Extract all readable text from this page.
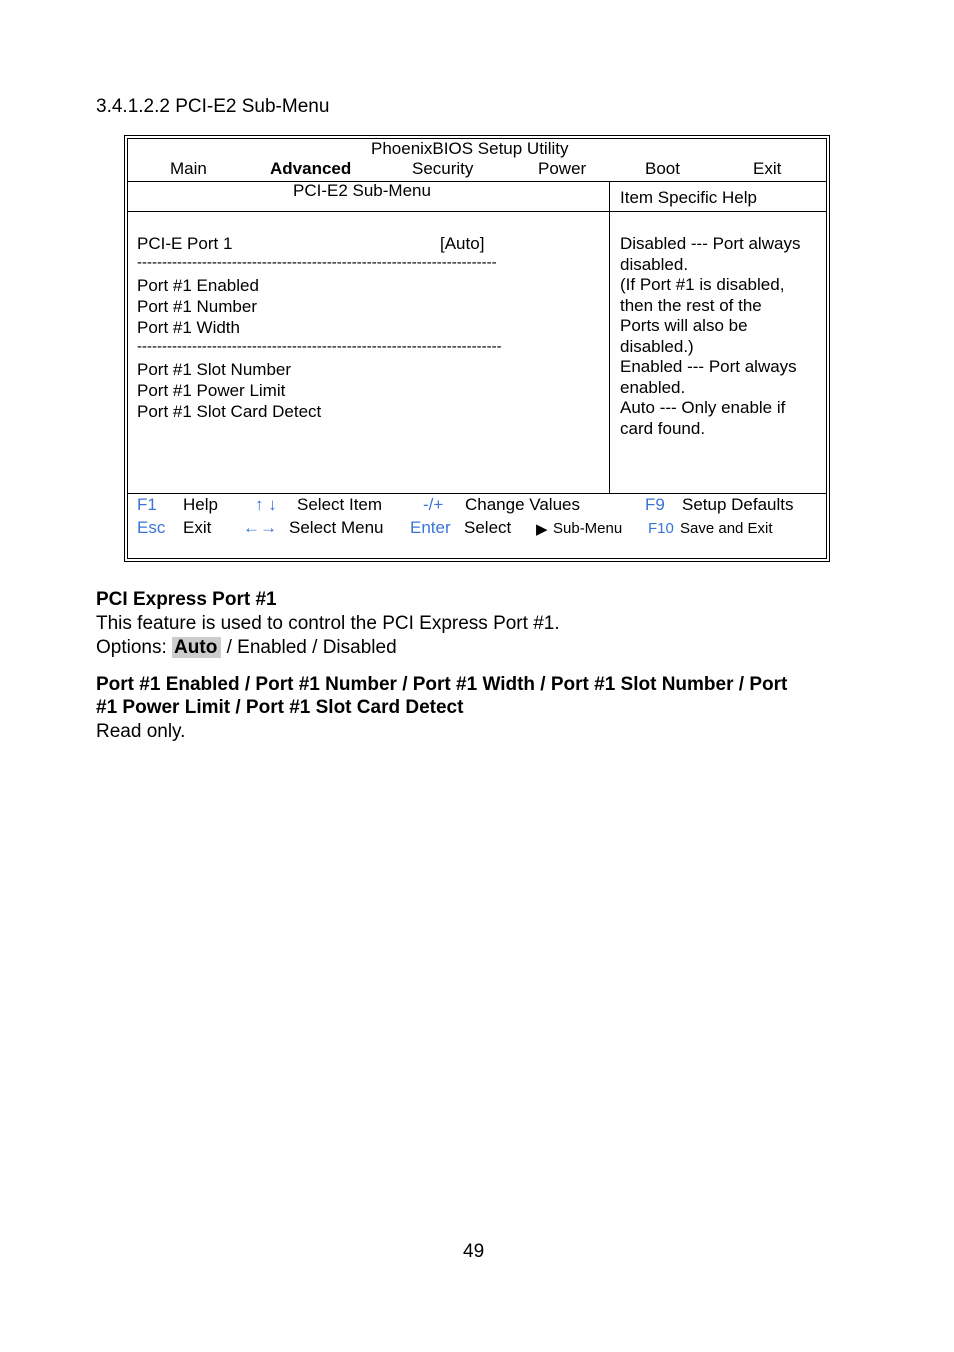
3.4.1.2.2 PCI-E2 Sub-Menu
PhoenixBIOS Setup Utility
Main	Advanced	Security	Power	Boot	Exit
PCI-E2 Sub-Menu	Item Specific Help
PCI-E Port 1	[Auto]
------------------------------------------------------------------------
Port #1 Enabled
Port #1 Number
Port #1 Width
-------------------------------------------------------------------------
Port #1 Slot Number
Port #1 Power Limit
Port #1 Slot Card Detect
Disabled --- Port always
disabled.
(If Port #1 is disabled,
then the rest of the
Ports will also be
disabled.)
Enabled --- Port always
enabled.
Auto --- Only enable if
card found.
F1 Help ↑ ↓ Select Item -/+ Change Values	F9 Setup Defaults
Esc Exit ←→ Select Menu Enter Select ▶ Sub-Menu F10 Save and Exit
PCI Express Port #1
This feature is used to control the PCI Express Port #1.
Options: Auto / Enabled / Disabled
Port #1 Enabled / Port #1 Number / Port #1 Width / Port #1 Slot Number / Port
#1 Power Limit / Port #1 Slot Card Detect
Read only.
49
